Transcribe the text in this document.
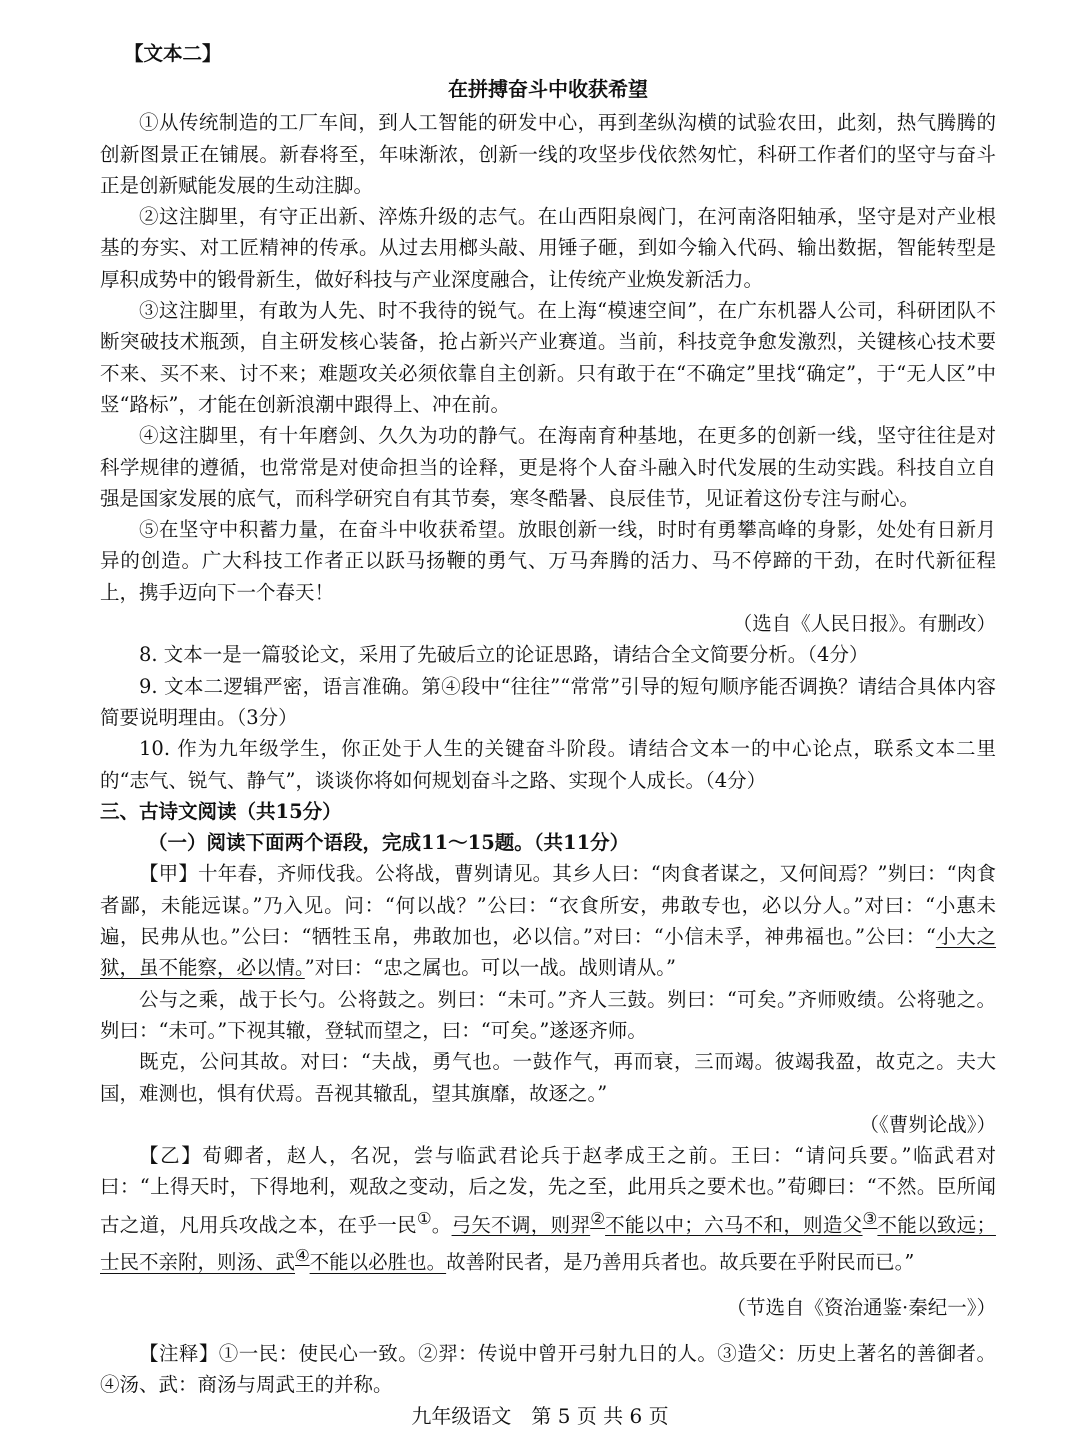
【文本二】

在拼搏奋斗中收获希望

①从传统制造的工厂车间，到人工智能的研发中心，再到垄纵沟横的试验农田，此刻，热气腾腾的创新图景正在铺展。新春将至，年味渐浓，创新一线的攻坚步伐依然匆忙，科研工作者们的坚守与奋斗正是创新赋能发展的生动注脚。

②这注脚里，有守正出新、淬炼升级的志气。在山西阳泉阀门，在河南洛阳轴承，坚守是对产业根基的夯实、对工匠精神的传承。从过去用榔头敲、用锤子砸，到如今输入代码、输出数据，智能转型是厚积成势中的锻骨新生，做好科技与产业深度融合，让传统产业焕发新活力。

③这注脚里，有敢为人先、时不我待的锐气。在上海“模速空间”，在广东机器人公司，科研团队不断突破技术瓶颈，自主研发核心装备，抢占新兴产业赛道。当前，科技竞争愈发激烈，关键核心技术要不来、买不来、讨不来；难题攻关必须依靠自主创新。只有敢于在“不确定”里找“确定”，于“无人区”中竖“路标”，才能在创新浪潮中跟得上、冲在前。

④这注脚里，有十年磨剑、久久为功的静气。在海南育种基地，在更多的创新一线，坚守往往是对科学规律的遵循，也常常是对使命担当的诠释，更是将个人奋斗融入时代发展的生动实践。科技自立自强是国家发展的底气，而科学研究自有其节奏，寒冬酷暑、良辰佳节，见证着这份专注与耐心。

⑤在坚守中积蓄力量，在奋斗中收获希望。放眼创新一线，时时有勇攀高峰的身影，处处有日新月异的创造。广大科技工作者正以跃马扬鞭的勇气、万马奔腾的活力、马不停蹄的干劲，在时代新征程上，携手迈向下一个春天！

（选自《人民日报》。有删改）

8. 文本一是一篇驳论文，采用了先破后立的论证思路，请结合全文简要分析。（4分）

9. 文本二逻辑严密，语言准确。第④段中“往往”“常常”引导的短句顺序能否调换？请结合具体内容简要说明理由。（3分）

10. 作为九年级学生，你正处于人生的关键奋斗阶段。请结合文本一的中心论点，联系文本二里的“志气、锐气、静气”，谈谈你将如何规划奋斗之路、实现个人成长。（4分）

三、古诗文阅读（共15分）

（一）阅读下面两个语段，完成11～15题。（共11分）

【甲】十年春，齐师伐我。公将战，曹刿请见。其乡人曰：“肉食者谋之，又何间焉？”刿曰：“肉食者鄙，未能远谋。”乃入见。问：“何以战？”公曰：“衣食所安，弗敢专也，必以分人。”对曰：“小惠未遍，民弗从也。”公曰：“牺牲玉帛，弗敢加也，必以信。”对曰：“小信未孚，神弗福也。”公曰：“小大之狱，虽不能察，必以情。”对曰：“忠之属也。可以一战。战则请从。”

公与之乘，战于长勺。公将鼓之。刿曰：“未可。”齐人三鼓。刿曰：“可矣。”齐师败绩。公将驰之。刿曰：“未可。”下视其辙，登轼而望之，曰：“可矣。”遂逐齐师。

既克，公问其故。对曰：“夫战，勇气也。一鼓作气，再而衰，三而竭。彼竭我盈，故克之。夫大国，难测也，惧有伏焉。吾视其辙乱，望其旗靡，故逐之。”

（《曹刿论战》）

【乙】荀卿者，赵人，名况，尝与临武君论兵于赵孝成王之前。王曰：“请问兵要。”临武君对曰：“上得天时，下得地利，观敌之变动，后之发，先之至，此用兵之要术也。”荀卿曰：“不然。臣所闻古之道，凡用兵攻战之本，在乎一民①。弓矢不调，则羿②不能以中；六马不和，则造父③不能以致远；士民不亲附，则汤、武④不能以必胜也。故善附民者，是乃善用兵者也。故兵要在乎附民而已。”

（节选自《资治通鉴·秦纪一》）

【注释】①一民：使民心一致。②羿：传说中曾开弓射九日的人。③造父：历史上著名的善御者。④汤、武：商汤与周武王的并称。

九年级语文　第 5 页 共 6 页
